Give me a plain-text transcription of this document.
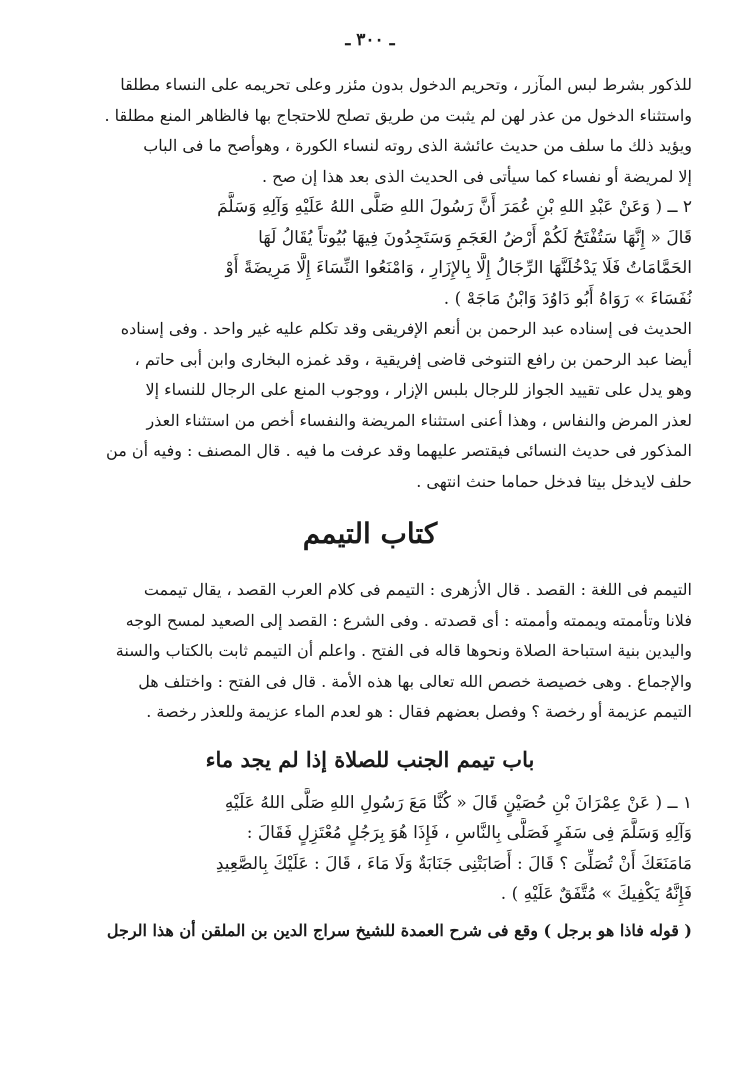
ـ ٣٠٠ ـ

للذكور بشرط لبس المآزر ، وتحريم الدخول بدون مئزر وعلى تحريمه على النساء مطلقا
واستثناء الدخول من عذر لهن لم يثبت من طريق تصلح للاحتجاج بها فالظاهر المنع مطلقا .
ويؤيد ذلك ما سلف من حديث عائشة الذى روته لنساء الكورة ، وهوأصح ما فى الباب
إلا لمريضة أو نفساء كما سيأتى فى الحديث الذى بعد هذا إن صح .

٢ ــ ( وَعَنْ عَبْدِ اللهِ بْنِ عُمَرَ أَنَّ رَسُولَ اللهِ صَلَّى اللهُ عَلَيْهِ وَآلِهِ وَسَلَّمَ
قَالَ « إِنَّهَا سَتُفْتَحُ لَكُمْ أَرْضُ العَجَمِ وَسَتَجِدُونَ فِيهَا بُيُوتاً يُقَالُ لَهَا
الحَمَّامَاتُ فَلَا يَدْخُلَنَّهَا الرِّجَالُ إِلَّا بِالإِزَارِ ، وَامْنَعُوا النِّسَاءَ إِلَّا مَرِيضَةً أَوْ
نُفَسَاءَ » رَوَاهُ أَبُو دَاوُدَ وَابْنُ مَاجَهْ ) .

الحديث فى إسناده عبد الرحمن بن أنعم الإفريقى وقد تكلم عليه غير واحد . وفى إسناده
أيضا عبد الرحمن بن رافع التنوخى قاضى إفريقية ، وقد غمزه البخارى وابن أبى حاتم ،
وهو يدل على تقييد الجواز للرجال بلبس الإزار ، ووجوب المنع على الرجال للنساء إلا
لعذر المرض والنفاس ، وهذا أعنى استثناء المريضة والنفساء أخص من استثناء العذر
المذكور فى حديث النسائى فيقتصر عليهما وقد عرفت ما فيه . قال المصنف : وفيه أن من
حلف لايدخل بيتا فدخل حماما حنث انتهى .

كتاب التيمم

التيمم فى اللغة : القصد . قال الأزهرى : التيمم فى كلام العرب القصد ، يقال تيممت
فلانا وتأممته ويممته وأممته : أى قصدته . وفى الشرع : القصد إلى الصعيد لمسح الوجه
واليدين بنية استباحة الصلاة ونحوها قاله فى الفتح . واعلم أن التيمم ثابت بالكتاب والسنة
والإجماع . وهى خصيصة خصص الله تعالى بها هذه الأمة . قال فى الفتح : واختلف هل
التيمم عزيمة أو رخصة ؟ وفصل بعضهم فقال : هو لعدم الماء عزيمة وللعذر رخصة .

باب تيمم الجنب للصلاة إذا لم يجد ماء

١ ــ ( عَنْ عِمْرَانَ بْنِ حُصَيْنٍ قَالَ « كُنَّا مَعَ رَسُولِ اللهِ صَلَّى اللهُ عَلَيْهِ
وَآلِهِ وَسَلَّمَ فِى سَفَرٍ فَصَلَّى بِالنَّاسِ ، فَإِذَا هُوَ بِرَجُلٍ مُعْتَزِلٍ فَقَالَ :
مَامَنَعَكَ أَنْ تُصَلِّىَ ؟ قَالَ : أَصَابَتْنِى جَنَابَةٌ وَلَا مَاءَ ، قَالَ : عَلَيْكَ بِالصَّعِيدِ
فَإِنَّهُ يَكْفِيكَ » مُتَّفَقٌ عَلَيْهِ ) .

( قوله فاذا هو برجل ) وقع فى شرح العمدة للشيخ سراج الدين بن الملقن أن هذا الرجل
